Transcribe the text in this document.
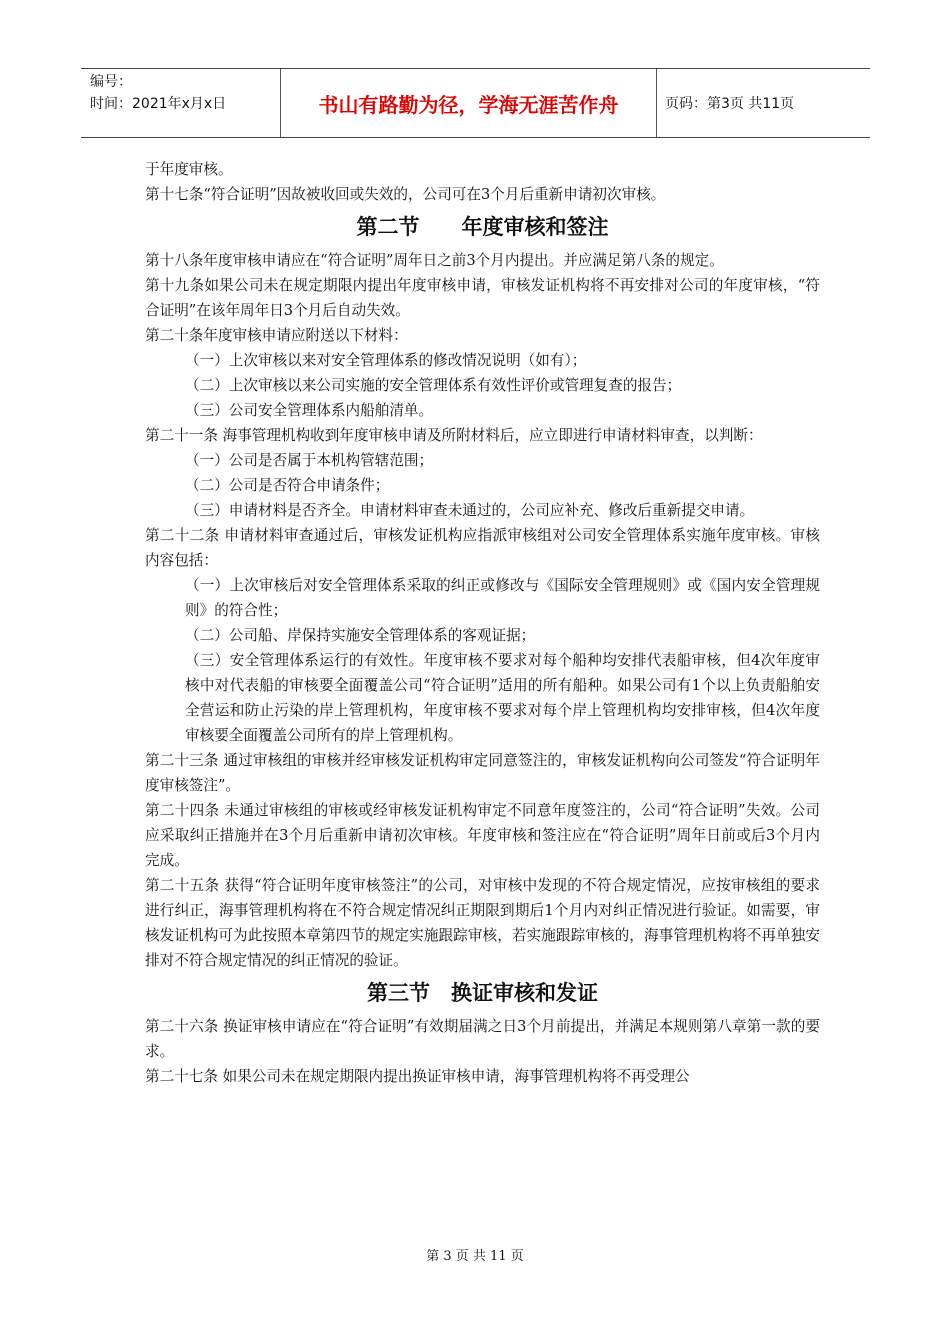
编号：
时间：2021年x月x日	书山有路勤为径，学海无涯苦作舟	页码：第3页 共11页

于年度审核。

第十七条“符合证明”因故被收回或失效的，公司可在3个月后重新申请初次审核。

第二节　　年度审核和签注

第十八条年度审核申请应在“符合证明”周年日之前3个月内提出。并应满足第八条的规定。

第十九条如果公司未在规定期限内提出年度审核申请，审核发证机构将不再安排对公司的年度审核，“符合证明”在该年周年日3个月后自动失效。

第二十条年度审核申请应附送以下材料：

（一）上次审核以来对安全管理体系的修改情况说明（如有）；

（二）上次审核以来公司实施的安全管理体系有效性评价或管理复查的报告；

（三）公司安全管理体系内船舶清单。

第二十一条 海事管理机构收到年度审核申请及所附材料后，应立即进行申请材料审查，以判断：

（一）公司是否属于本机构管辖范围；

（二）公司是否符合申请条件；

（三）申请材料是否齐全。申请材料审查未通过的，公司应补充、修改后重新提交申请。

第二十二条 申请材料审查通过后，审核发证机构应指派审核组对公司安全管理体系实施年度审核。审核内容包括：

（一）上次审核后对安全管理体系采取的纠正或修改与《国际安全管理规则》或《国内安全管理规则》的符合性；

（二）公司船、岸保持实施安全管理体系的客观证据；

（三）安全管理体系运行的有效性。年度审核不要求对每个船种均安排代表船审核，但4次年度审核中对代表船的审核要全面覆盖公司“符合证明”适用的所有船种。如果公司有1个以上负责船舶安全营运和防止污染的岸上管理机构，年度审核不要求对每个岸上管理机构均安排审核，但4次年度审核要全面覆盖公司所有的岸上管理机构。

第二十三条 通过审核组的审核并经审核发证机构审定同意签注的，审核发证机构向公司签发“符合证明年度审核签注”。

第二十四条 未通过审核组的审核或经审核发证机构审定不同意年度签注的，公司“符合证明”失效。公司应采取纠正措施并在3个月后重新申请初次审核。年度审核和签注应在“符合证明”周年日前或后3个月内完成。

第二十五条 获得“符合证明年度审核签注”的公司，对审核中发现的不符合规定情况，应按审核组的要求进行纠正，海事管理机构将在不符合规定情况纠正期限到期后1个月内对纠正情况进行验证。如需要，审核发证机构可为此按照本章第四节的规定实施跟踪审核，若实施跟踪审核的，海事管理机构将不再单独安排对不符合规定情况的纠正情况的验证。

第三节　换证审核和发证

第二十六条 换证审核申请应在“符合证明”有效期届满之日3个月前提出，并满足本规则第八章第一款的要求。

第二十七条 如果公司未在规定期限内提出换证审核申请，海事管理机构将不再受理公

第 3 页 共 11 页
